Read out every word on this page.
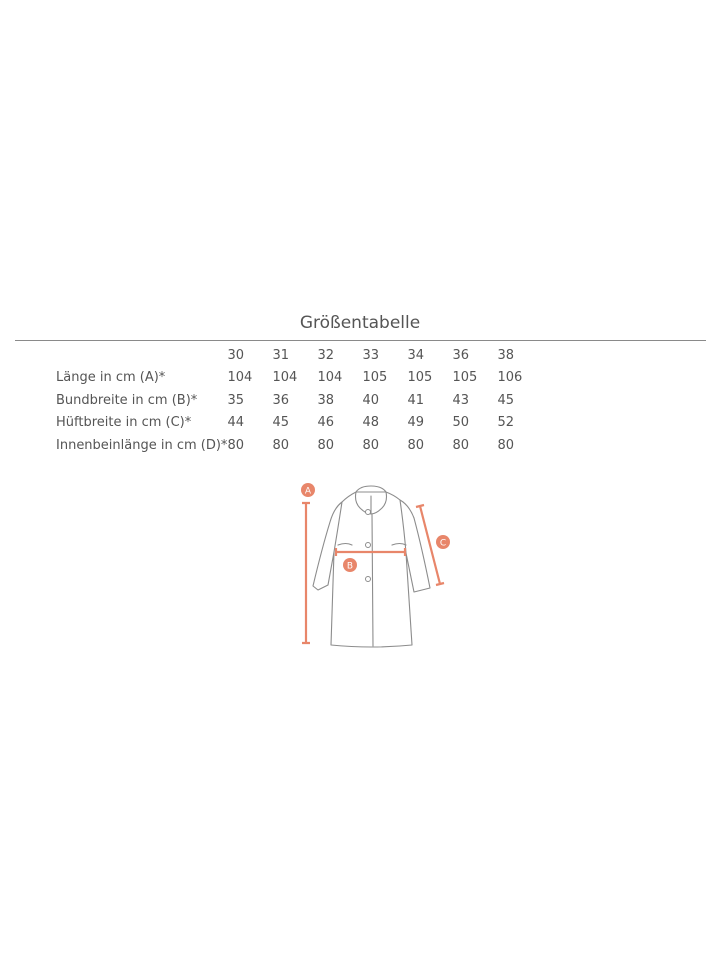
Größentabelle
	30	31	32	33	34	36	38
Länge in cm (A)*	104	104	104	105	105	105	106
Bundbreite in cm (B)*	35	36	38	40	41	43	45
Hüftbreite in cm (C)*	44	45	46	48	49	50	52
Innenbeinlänge in cm (D)*	80	80	80	80	80	80	80
A
B
C
